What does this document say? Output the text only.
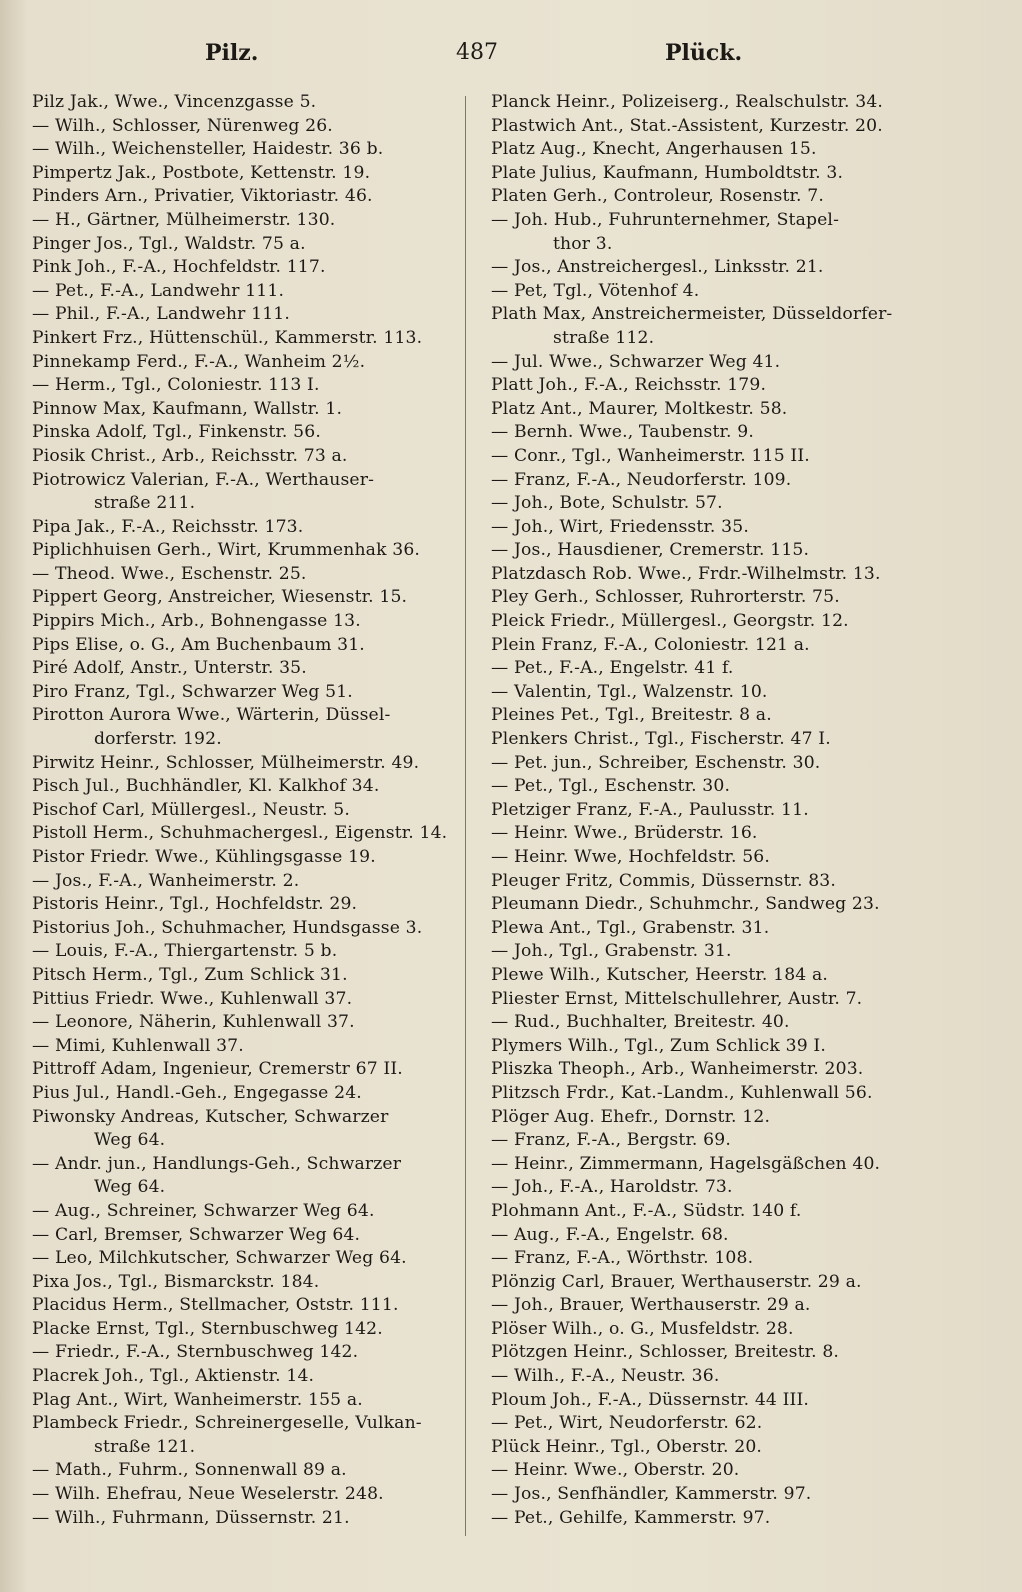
Pilz.	487	Plück.
Pilz Jak., Wwe., Vincenzgasse 5.
— Wilh., Schlosser, Nürenweg 26.
— Wilh., Weichensteller, Haidestr. 36 b.
Pimpertz Jak., Postbote, Kettenstr. 19.
Pinders Arn., Privatier, Viktoriastr. 46.
— H., Gärtner, Mülheimerstr. 130.
Pinger Jos., Tgl., Waldstr. 75 a.
Pink Joh., F.-A., Hochfeldstr. 117.
— Pet., F.-A., Landwehr 111.
— Phil., F.-A., Landwehr 111.
Pinkert Frz., Hüttenschül., Kammerstr. 113.
Pinnekamp Ferd., F.-A., Wanheim 2½.
— Herm., Tgl., Coloniestr. 113 I.
Pinnow Max, Kaufmann, Wallstr. 1.
Pinska Adolf, Tgl., Finkenstr. 56.
Piosik Christ., Arb., Reichsstr. 73 a.
Piotrowicz Valerian, F.-A., Werthauser-
straße 211.
Pipa Jak., F.-A., Reichsstr. 173.
Piplichhuisen Gerh., Wirt, Krummenhak 36.
— Theod. Wwe., Eschenstr. 25.
Pippert Georg, Anstreicher, Wiesenstr. 15.
Pippirs Mich., Arb., Bohnengasse 13.
Pips Elise, o. G., Am Buchenbaum 31.
Piré Adolf, Anstr., Unterstr. 35.
Piro Franz, Tgl., Schwarzer Weg 51.
Pirotton Aurora Wwe., Wärterin, Düssel-
dorferstr. 192.
Pirwitz Heinr., Schlosser, Mülheimerstr. 49.
Pisch Jul., Buchhändler, Kl. Kalkhof 34.
Pischof Carl, Müllergesl., Neustr. 5.
Pistoll Herm., Schuhmachergesl., Eigenstr. 14.
Pistor Friedr. Wwe., Kühlingsgasse 19.
— Jos., F.-A., Wanheimerstr. 2.
Pistoris Heinr., Tgl., Hochfeldstr. 29.
Pistorius Joh., Schuhmacher, Hundsgasse 3.
— Louis, F.-A., Thiergartenstr. 5 b.
Pitsch Herm., Tgl., Zum Schlick 31.
Pittius Friedr. Wwe., Kuhlenwall 37.
— Leonore, Näherin, Kuhlenwall 37.
— Mimi, Kuhlenwall 37.
Pittroff Adam, Ingenieur, Cremerstr 67 II.
Pius Jul., Handl.-Geh., Engegasse 24.
Piwonsky Andreas, Kutscher, Schwarzer
Weg 64.
— Andr. jun., Handlungs-Geh., Schwarzer
Weg 64.
— Aug., Schreiner, Schwarzer Weg 64.
— Carl, Bremser, Schwarzer Weg 64.
— Leo, Milchkutscher, Schwarzer Weg 64.
Pixa Jos., Tgl., Bismarckstr. 184.
Placidus Herm., Stellmacher, Oststr. 111.
Placke Ernst, Tgl., Sternbuschweg 142.
— Friedr., F.-A., Sternbuschweg 142.
Placrek Joh., Tgl., Aktienstr. 14.
Plag Ant., Wirt, Wanheimerstr. 155 a.
Plambeck Friedr., Schreinergeselle, Vulkan-
straße 121.
— Math., Fuhrm., Sonnenwall 89 a.
— Wilh. Ehefrau, Neue Weselerstr. 248.
— Wilh., Fuhrmann, Düssernstr. 21.
Planck Heinr., Polizeiserg., Realschulstr. 34.
Plastwich Ant., Stat.-Assistent, Kurzestr. 20.
Platz Aug., Knecht, Angerhausen 15.
Plate Julius, Kaufmann, Humboldtstr. 3.
Platen Gerh., Controleur, Rosenstr. 7.
— Joh. Hub., Fuhrunternehmer, Stapel-
thor 3.
— Jos., Anstreichergesl., Linksstr. 21.
— Pet, Tgl., Vötenhof 4.
Plath Max, Anstreichermeister, Düsseldorfer-
straße 112.
— Jul. Wwe., Schwarzer Weg 41.
Platt Joh., F.-A., Reichsstr. 179.
Platz Ant., Maurer, Moltkestr. 58.
— Bernh. Wwe., Taubenstr. 9.
— Conr., Tgl., Wanheimerstr. 115 II.
— Franz, F.-A., Neudorferstr. 109.
— Joh., Bote, Schulstr. 57.
— Joh., Wirt, Friedensstr. 35.
— Jos., Hausdiener, Cremerstr. 115.
Platzdasch Rob. Wwe., Frdr.-Wilhelmstr. 13.
Pley Gerh., Schlosser, Ruhrorterstr. 75.
Pleick Friedr., Müllergesl., Georgstr. 12.
Plein Franz, F.-A., Coloniestr. 121 a.
— Pet., F.-A., Engelstr. 41 f.
— Valentin, Tgl., Walzenstr. 10.
Pleines Pet., Tgl., Breitestr. 8 a.
Plenkers Christ., Tgl., Fischerstr. 47 I.
— Pet. jun., Schreiber, Eschenstr. 30.
— Pet., Tgl., Eschenstr. 30.
Pletziger Franz, F.-A., Paulusstr. 11.
— Heinr. Wwe., Brüderstr. 16.
— Heinr. Wwe, Hochfeldstr. 56.
Pleuger Fritz, Commis, Düssernstr. 83.
Pleumann Diedr., Schuhmchr., Sandweg 23.
Plewa Ant., Tgl., Grabenstr. 31.
— Joh., Tgl., Grabenstr. 31.
Plewe Wilh., Kutscher, Heerstr. 184 a.
Pliester Ernst, Mittelschullehrer, Austr. 7.
— Rud., Buchhalter, Breitestr. 40.
Plymers Wilh., Tgl., Zum Schlick 39 I.
Pliszka Theoph., Arb., Wanheimerstr. 203.
Plitzsch Frdr., Kat.-Landm., Kuhlenwall 56.
Plöger Aug. Ehefr., Dornstr. 12.
— Franz, F.-A., Bergstr. 69.
— Heinr., Zimmermann, Hagelsgäßchen 40.
— Joh., F.-A., Haroldstr. 73.
Plohmann Ant., F.-A., Südstr. 140 f.
— Aug., F.-A., Engelstr. 68.
— Franz, F.-A., Wörthstr. 108.
Plönzig Carl, Brauer, Werthauserstr. 29 a.
— Joh., Brauer, Werthauserstr. 29 a.
Plöser Wilh., o. G., Musfeldstr. 28.
Plötzgen Heinr., Schlosser, Breitestr. 8.
— Wilh., F.-A., Neustr. 36.
Ploum Joh., F.-A., Düssernstr. 44 III.
— Pet., Wirt, Neudorferstr. 62.
Plück Heinr., Tgl., Oberstr. 20.
— Heinr. Wwe., Oberstr. 20.
— Jos., Senfhändler, Kammerstr. 97.
— Pet., Gehilfe, Kammerstr. 97.
